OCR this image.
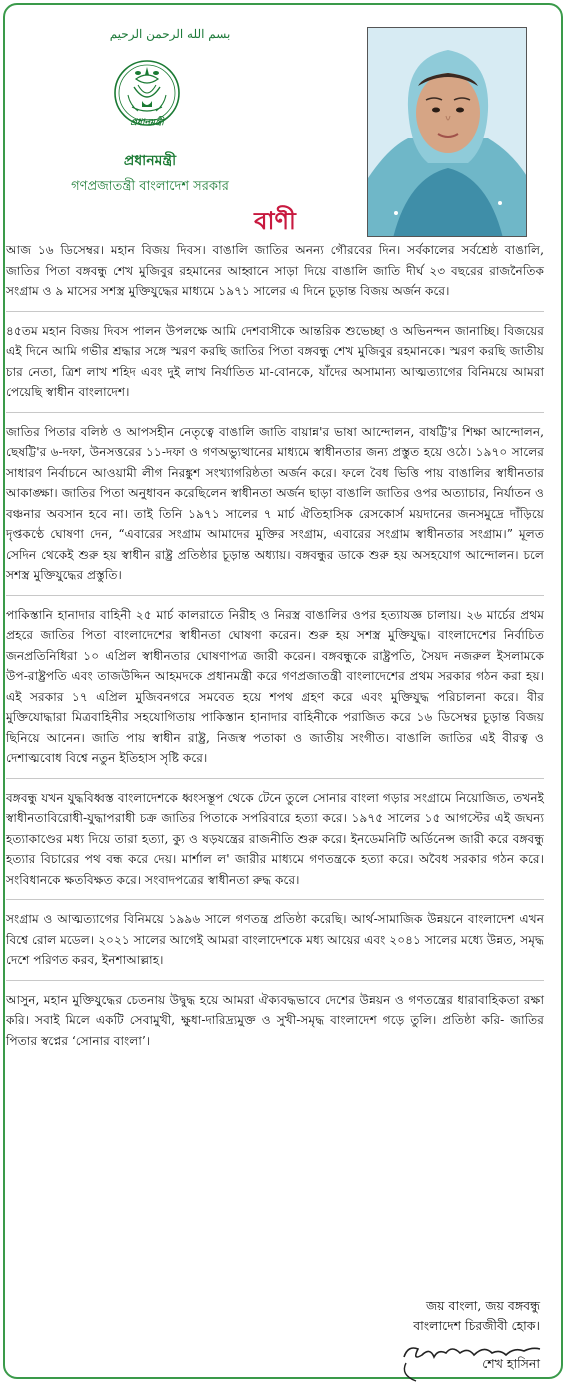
بسم الله الرحمن الرحيم
প্রধানমন্ত্রী
প্রধানমন্ত্রী
গণপ্রজাতন্ত্রী বাংলাদেশ সরকার
বাণী

আজ ১৬ ডিসেম্বর। মহান বিজয় দিবস। বাঙালি জাতির অনন্য গৌরবের দিন। সর্বকালের সর্বশ্রেষ্ঠ বাঙালি, জাতির পিতা বঙ্গবন্ধু শেখ মুজিবুর রহমানের আহ্বানে সাড়া দিয়ে বাঙালি জাতি দীর্ঘ ২৩ বছরের রাজনৈতিক সংগ্রাম ও ৯ মাসের সশস্ত্র মুক্তিযুদ্ধের মাধ্যমে ১৯৭১ সালের এ দিনে চূড়ান্ত বিজয় অর্জন করে।

৪৫তম মহান বিজয় দিবস পালন উপলক্ষে আমি দেশবাসীকে আন্তরিক শুভেচ্ছা ও অভিনন্দন জানাচ্ছি। বিজয়ের এই দিনে আমি গভীর শ্রদ্ধার সঙ্গে স্মরণ করছি জাতির পিতা বঙ্গবন্ধু শেখ মুজিবুর রহমানকে। স্মরণ করছি জাতীয় চার নেতা, ত্রিশ লাখ শহিদ এবং দুই লাখ নির্যাতিত মা-বোনকে, যাঁদের অসামান্য আত্মত্যাগের বিনিময়ে আমরা পেয়েছি স্বাধীন বাংলাদেশ।

জাতির পিতার বলিষ্ঠ ও আপসহীন নেতৃত্বে বাঙালি জাতি বায়ান্ন'র ভাষা আন্দোলন, বাষট্টি'র শিক্ষা আন্দোলন, ছেষট্টি'র ৬-দফা, উনসত্তরের ১১-দফা ও গণঅভ্যুত্থানের মাধ্যমে স্বাধীনতার জন্য প্রস্তুত হয়ে ওঠে। ১৯৭০ সালের সাধারণ নির্বাচনে আওয়ামী লীগ নিরঙ্কুশ সংখ্যাগরিষ্ঠতা অর্জন করে। ফলে বৈধ ভিত্তি পায় বাঙালির স্বাধীনতার আকাঙ্ক্ষা। জাতির পিতা অনুধাবন করেছিলেন স্বাধীনতা অর্জন ছাড়া বাঙালি জাতির ওপর অত্যাচার, নির্যাতন ও বঞ্চনার অবসান হবে না। তাই তিনি ১৯৭১ সালের ৭ মার্চ ঐতিহাসিক রেসকোর্স ময়দানের জনসমুদ্রে দাঁড়িয়ে দৃপ্তকণ্ঠে ঘোষণা দেন, “এবারের সংগ্রাম আমাদের মুক্তির সংগ্রাম, এবারের সংগ্রাম স্বাধীনতার সংগ্রাম।” মূলত সেদিন থেকেই শুরু হয় স্বাধীন রাষ্ট্র প্রতিষ্ঠার চূড়ান্ত অধ্যায়। বঙ্গবন্ধুর ডাকে শুরু হয় অসহযোগ আন্দোলন। চলে সশস্ত্র মুক্তিযুদ্ধের প্রস্তুতি।

পাকিস্তানি হানাদার বাহিনী ২৫ মার্চ কালরাতে নিরীহ ও নিরস্ত্র বাঙালির ওপর হত্যাযজ্ঞ চালায়। ২৬ মার্চের প্রথম প্রহরে জাতির পিতা বাংলাদেশের স্বাধীনতা ঘোষণা করেন। শুরু হয় সশস্ত্র মুক্তিযুদ্ধ। বাংলাদেশের নির্বাচিত জনপ্রতিনিধিরা ১০ এপ্রিল স্বাধীনতার ঘোষণাপত্র জারী করেন। বঙ্গবন্ধুকে রাষ্ট্রপতি, সৈয়দ নজরুল ইসলামকে উপ-রাষ্ট্রপতি এবং তাজউদ্দিন আহমদকে প্রধানমন্ত্রী করে গণপ্রজাতন্ত্রী বাংলাদেশের প্রথম সরকার গঠন করা হয়। এই সরকার ১৭ এপ্রিল মুজিবনগরে সমবেত হয়ে শপথ গ্রহণ করে এবং মুক্তিযুদ্ধ পরিচালনা করে। বীর মুক্তিযোদ্ধারা মিত্রবাহিনীর সহযোগিতায় পাকিস্তান হানাদার বাহিনীকে পরাজিত করে ১৬ ডিসেম্বর চূড়ান্ত বিজয় ছিনিয়ে আনেন। জাতি পায় স্বাধীন রাষ্ট্র, নিজস্ব পতাকা ও জাতীয় সংগীত। বাঙালি জাতির এই বীরত্ব ও দেশাত্মবোধ বিশ্বে নতুন ইতিহাস সৃষ্টি করে।

বঙ্গবন্ধু যখন যুদ্ধবিধ্বস্ত বাংলাদেশকে ধ্বংসস্তূপ থেকে টেনে তুলে সোনার বাংলা গড়ার সংগ্রামে নিয়োজিত, তখনই স্বাধীনতাবিরোধী-যুদ্ধাপরাধী চক্র জাতির পিতাকে সপরিবারে হত্যা করে। ১৯৭৫ সালের ১৫ আগস্টের এই জঘন্য হত্যাকাণ্ডের মধ্য দিয়ে তারা হত্যা, ক্যু ও ষড়যন্ত্রের রাজনীতি শুরু করে। ইনডেমনিটি অর্ডিনেন্স জারী করে বঙ্গবন্ধু হত্যার বিচারের পথ বন্ধ করে দেয়। মার্শাল ল' জারীর মাধ্যমে গণতন্ত্রকে হত্যা করে। অবৈধ সরকার গঠন করে। সংবিধানকে ক্ষতবিক্ষত করে। সংবাদপত্রের স্বাধীনতা রুদ্ধ করে।

সংগ্রাম ও আত্মত্যাগের বিনিময়ে ১৯৯৬ সালে গণতন্ত্র প্রতিষ্ঠা করেছি। আর্থ-সামাজিক উন্নয়নে বাংলাদেশ এখন বিশ্বে রোল মডেল। ২০২১ সালের আগেই আমরা বাংলাদেশকে মধ্য আয়ের এবং ২০৪১ সালের মধ্যে উন্নত, সমৃদ্ধ দেশে পরিণত করব, ইনশাআল্লাহ।

আসুন, মহান মুক্তিযুদ্ধের চেতনায় উদ্বুদ্ধ হয়ে আমরা ঐক্যবদ্ধভাবে দেশের উন্নয়ন ও গণতন্ত্রের ধারাবাহিকতা রক্ষা করি। সবাই মিলে একটি সেবামুখী, ক্ষুধা-দারিদ্র্যমুক্ত ও সুখী-সমৃদ্ধ বাংলাদেশ গড়ে তুলি। প্রতিষ্ঠা করি- জাতির পিতার স্বপ্নের ‘সোনার বাংলা’।

জয় বাংলা, জয় বঙ্গবন্ধু
বাংলাদেশ চিরজীবী হোক।
শেখ হাসিনা
